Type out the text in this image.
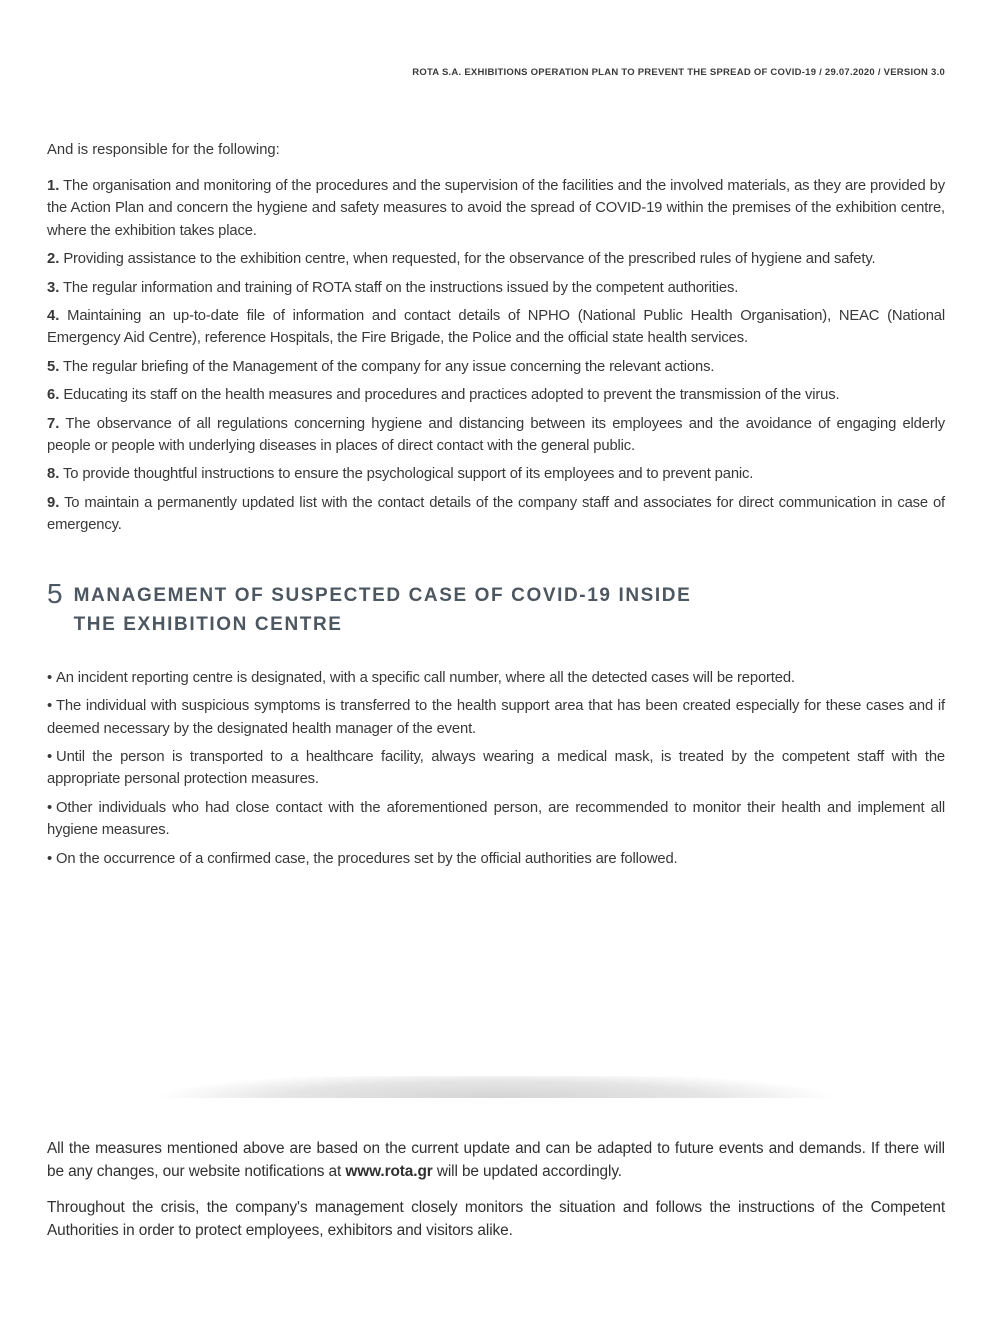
ROTA S.A. EXHIBITIONS OPERATION PLAN TO PREVENT THE SPREAD OF COVID-19 / 29.07.2020 / VERSION 3.0

And is responsible for the following:

1. The organisation and monitoring of the procedures and the supervision of the facilities and the involved materials, as they are provided by the Action Plan and concern the hygiene and safety measures to avoid the spread of COVID-19 within the premises of the exhibition centre, where the exhibition takes place.

2. Providing assistance to the exhibition centre, when requested, for the observance of the prescribed rules of hygiene and safety.

3. The regular information and training of ROTA staff on the instructions issued by the competent authorities.

4. Maintaining an up-to-date file of information and contact details of NPHO (National Public Health Organisation), NEAC (National Emergency Aid Centre), reference Hospitals, the Fire Brigade, the Police and the official state health services.

5. The regular briefing of the Management of the company for any issue concerning the relevant actions.

6. Educating its staff on the health measures and procedures and practices adopted to prevent the transmission of the virus.

7. The observance of all regulations concerning hygiene and distancing between its employees and the avoidance of engaging elderly people or people with underlying diseases in places of direct contact with the general public.

8. To provide thoughtful instructions to ensure the psychological support of its employees and to prevent panic.

9. To maintain a permanently updated list with the contact details of the company staff and associates for direct communication in case of emergency.

5 MANAGEMENT OF SUSPECTED CASE OF COVID-19 INSIDE
THE EXHIBITION CENTRE

• An incident reporting centre is designated, with a specific call number, where all the detected cases will be reported.

• The individual with suspicious symptoms is transferred to the health support area that has been created especially for these cases and if deemed necessary by the designated health manager of the event.

• Until the person is transported to a healthcare facility, always wearing a medical mask, is treated by the competent staff with the appropriate personal protection measures.

• Other individuals who had close contact with the aforementioned person, are recommended to monitor their health and implement all hygiene measures.

• On the occurrence of a confirmed case, the procedures set by the official authorities are followed.

All the measures mentioned above are based on the current update and can be adapted to future events and demands. If there will be any changes, our website notifications at www.rota.gr will be updated accordingly.

Throughout the crisis, the company's management closely monitors the situation and follows the instructions of the Competent Authorities in order to protect employees, exhibitors and visitors alike.
